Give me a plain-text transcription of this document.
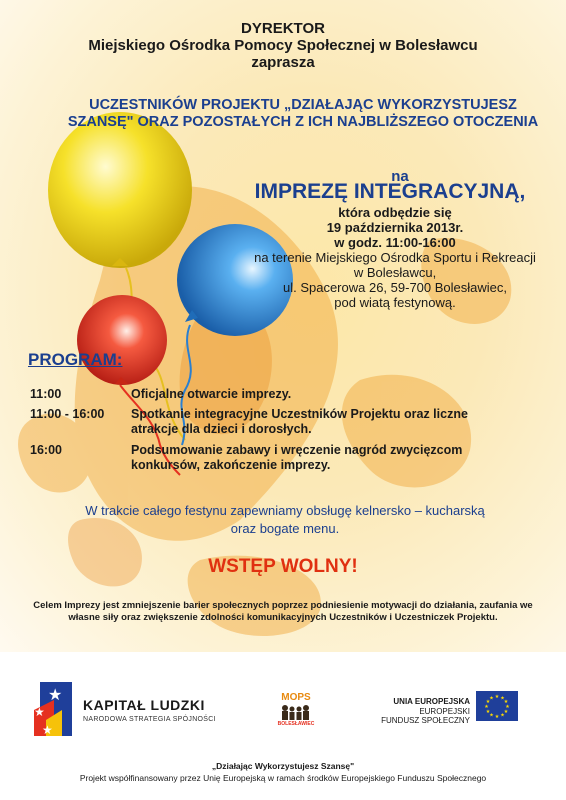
DYREKTOR
Miejskiego Ośrodka Pomocy Społecznej w Bolesławcu
zaprasza
UCZESTNIKÓW PROJEKTU „DZIAŁAJĄC WYKORZYSTUJESZ
SZANSĘ" ORAZ POZOSTAŁYCH Z ICH NAJBLIŻSZEGO OTOCZENIA
na
IMPREZĘ INTEGRACYJNĄ,
która odbędzie się
19 października 2013r.
w godz. 11:00-16:00
na terenie Miejskiego Ośrodka Sportu i Rekreacji
w Bolesławcu,
ul. Spacerowa 26, 59-700 Bolesławiec,
pod wiatą festynową.
PROGRAM:
11:00	Oficjalne otwarcie imprezy.
11:00 - 16:00 Spotkanie integracyjne Uczestników Projektu oraz liczne
atrakcje dla dzieci i dorosłych.
16:00	Podsumowanie zabawy i wręczenie nagród zwycięzcom
konkursów, zakończenie imprezy.
W trakcie całego festynu zapewniamy obsługę kelnersko – kucharską
oraz bogate menu.
WSTĘP WOLNY!
Celem Imprezy jest zmniejszenie barier społecznych poprzez podniesienie motywacji do działania, zaufania we
własne siły oraz zwiększenie zdolności komunikacyjnych Uczestników i Uczestniczek Projektu.
★
★
★
KAPITAŁ LUDZKI
NARODOWA STRATEGIA SPÓJNOŚCI
MOPS
BOLESŁAWIEC
UNIA EUROPEJSKA
EUROPEJSKI
FUNDUSZ SPOŁECZNY
★ ★
★
★
★
★
★
★
★
★
★
★
„Działając Wykorzystujesz Szansę"
Projekt współfinansowany przez Unię Europejską w ramach środków Europejskiego Funduszu Społecznego
